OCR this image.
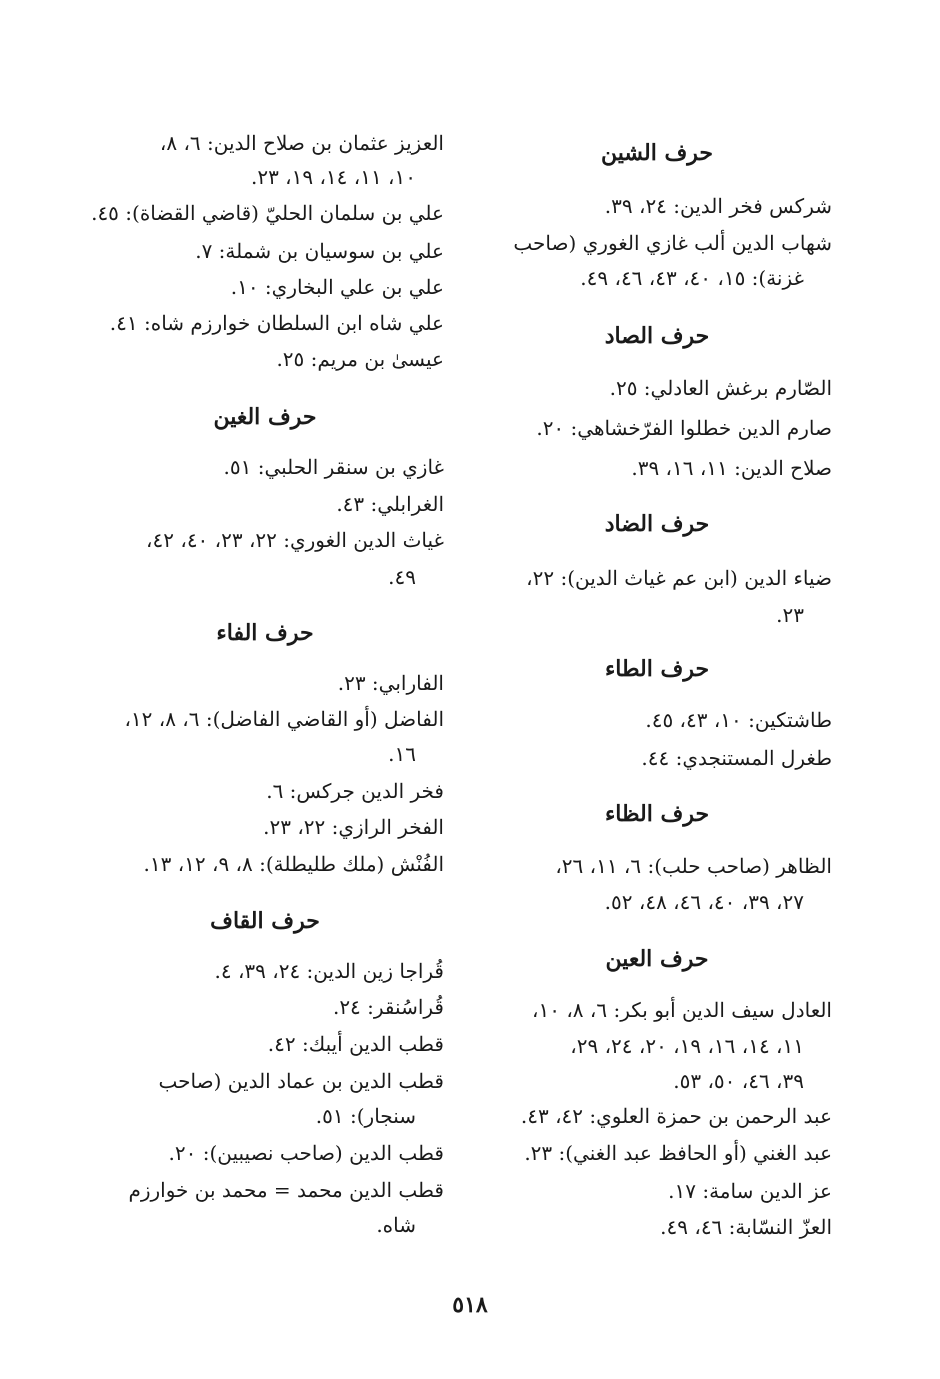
حرف الشين
شركس فخر الدين: ٢٤، ٣٩.
شهاب الدين ألب غازي الغوري (صاحب
غزنة): ١٥، ٤٠، ٤٣، ٤٦، ٤٩.
حرف الصاد
الصّارم برغش العادلي: ٢٥.
صارم الدين خطلوا الفرّخشاهي: ٢٠.
صلاح الدين: ١١، ١٦، ٣٩.
حرف الضاد
ضياء الدين (ابن عم غياث الدين): ٢٢،
٢٣.
حرف الطاء
طاشتكين: ١٠، ٤٣، ٤٥.
طغرل المستنجدي: ٤٤.
حرف الظاء
الظاهر (صاحب حلب): ٦، ١١، ٢٦،
٢٧، ٣٩، ٤٠، ٤٦، ٤٨، ٥٢.
حرف العين
العادل سيف الدين أبو بكر: ٦، ٨، ١٠،
١١، ١٤، ١٦، ١٩، ٢٠، ٢٤، ٢٩،
٣٩، ٤٦، ٥٠، ٥٣.
عبد الرحمن بن حمزة العلوي: ٤٢، ٤٣.
عبد الغني (أو الحافظ عبد الغني): ٢٣.
عز الدين سامة: ١٧.
العزّ النسّابة: ٤٦، ٤٩.
العزيز عثمان بن صلاح الدين: ٦، ٨،
١٠، ١١، ١٤، ١٩، ٢٣.
علي بن سلمان الحليّ (قاضي القضاة): ٤٥.
علي بن سوسيان بن شملة: ٧.
علي بن علي البخاري: ١٠.
علي شاه ابن السلطان خوارزم شاه: ٤١.
عيسىٰ بن مريم: ٢٥.
حرف الغين
غازي بن سنقر الحلبي: ٥١.
الغرابلي: ٤٣.
غياث الدين الغوري: ٢٢، ٢٣، ٤٠، ٤٢،
٤٩.
حرف الفاء
الفارابي: ٢٣.
الفاضل (أو القاضي الفاضل): ٦، ٨، ١٢،
١٦.
فخر الدين جركس: ٦.
الفخر الرازي: ٢٢، ٢٣.
الفُنْش (ملك طليطلة): ٨، ٩، ١٢، ١٣.
حرف القاف
قُراجا زين الدين: ٢٤، ٣٩، ٤.
قُراسُنقر: ٢٤.
قطب الدين أيبك: ٤٢.
قطب الدين بن عماد الدين (صاحب
سنجار): ٥١.
قطب الدين (صاحب نصيبين): ٢٠.
قطب الدين محمد = محمد بن خوارزم
شاه.
٥١٨
